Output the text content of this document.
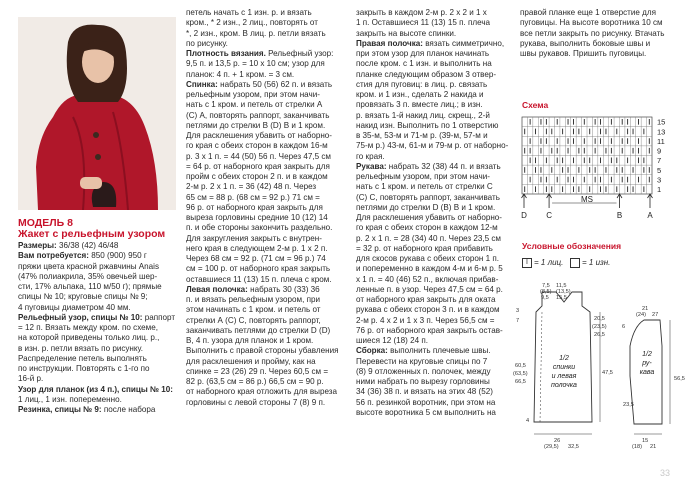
МОДЕЛЬ 8
Жакет с рельефным узором
Размеры: 36/38 (42) 46/48
Вам потребуется: 850 (900) 950 г
пряжи цвета красной ржавчины Anais
(47% полиакрила, 35% овечьей шер-
сти, 17% альпака, 110 м/50 г); прямые
спицы № 10; круговые спицы № 9;
4 пуговицы диаметром 40 мм.
Рельефный узор, спицы № 10: раппорт
= 12 п. Вязать между кром. по схеме,
на которой приведены только лиц. р.,
в изн. р. петли вязать по рисунку.
Распределение петель выполнять
по инструкции. Повторять с 1-го по
16-й р.
Узор для планок (из 4 п.), спицы № 10:
1 лиц., 1 изн. попеременно.
Резинка, спицы № 9: после набора
петель начать с 1 изн. р. и вязать
кром., * 2 изн., 2 лиц., повторять от
*, 2 изн., кром. В лиц. р. петли вязать
по рисунку.
Плотность вязания. Рельефный узор:
9,5 п. и 13,5 р. = 10 х 10 см; узор для
планок: 4 п. + 1 кром. = 3 см.
Спинка: набрать 50 (56) 62 п. и вязать
рельефным узором, при этом начи-
нать с 1 кром. и петель от стрелки А
(С) А, повторять раппорт, заканчивать
петлями до стрелки В (D) В и 1 кром.
Для расклешения убавить от наборно-
го края с обеих сторон в каждом 16-м
р. 3 х 1 п. = 44 (50) 56 п. Через 47,5 см
= 64 р. от наборного края закрыть для
пройм с обеих сторон 2 п. и в каждом
2-м р. 2 х 1 п. = 36 (42) 48 п. Через
65 см = 88 р. (68 см = 92 р.) 71 см =
96 р. от наборного края закрыть для
выреза горловины средние 10 (12) 14
п. и обе стороны закончить раздельно.
Для закругления закрыть с внутрен-
него края в следующем 2-м р. 1 х 2 п.
Через 68 см = 92 р. (71 см = 96 р.) 74
см = 100 р. от наборного края закрыть
оставшиеся 11 (13) 15 п. плеча с кром.
Левая полочка: набрать 30 (33) 36
п. и вязать рельефным узором, при
этом начинать с 1 кром. и петель от
стрелки А (С) С, повторять раппорт,
заканчивать петлями до стрелки D (D)
В, 4 п. узора для планок и 1 кром.
Выполнить с правой стороны убавления
для расклешения и пройму, как на
спинке = 23 (26) 29 п. Через 60,5 см =
82 р. (63,5 см = 86 р.) 66,5 см = 90 р.
от наборного края отложить для выреза
горловины с левой стороны 7 (8) 9 п.
закрыть в каждом 2-м р. 2 х 2 и 1 х
1 п. Оставшиеся 11 (13) 15 п. плеча
закрыть на высоте спинки.
Правая полочка: вязать симметрично,
при этом узор для планок начинать
после кром. с 1 изн. и выполнить на
планке следующим образом 3 отвер-
стия для пуговиц: в лиц. р. связать
кром. и 1 изн., сделать 2 накида и
провязать 3 п. вместе лиц.; в изн.
р. вязать 1-й накид лиц. скрещ., 2-й
накид изн. Выполнить по 1 отверстию
в 35-м, 53-м и 71-м р. (39-м, 57-м и
75-м р.) 43-м, 61-м и 79-м р. от наборно-
го края.
Рукава: набрать 32 (38) 44 п. и вязать
рельефным узором, при этом начи-
нать с 1 кром. и петель от стрелки С
(С) С, повторять раппорт, заканчивать
петлями до стрелки D (В) В и 1 кром.
Для расклешения убавить от наборно-
го края с обеих сторон в каждом 12-м
р. 2 х 1 п. = 28 (34) 40 п. Через 23,5 см
= 32 р. от наборного края прибавить
для скосов рукава с обеих сторон 1 п.
и попеременно в каждом 4-м и 6-м р. 5
х 1 п. = 40 (46) 52 п., включая прибав-
ленные п. в узор. Через 47,5 см = 64 р.
от наборного края закрыть для оката
рукава с обеих сторон 3 п. и в каждом
2-м р. 4 х 2 и 1 х 3 п. Через 56,5 см =
76 р. от наборного края закрыть остав-
шиеся 12 (18) 24 п.
Сборка: выполнить плечевые швы.
Перевести на круговые спицы по 7
(8) 9 отложенных п. полочек, между
ними набрать по вырезу горловины
34 (36) 38 п. и вязать на этих 48 (52)
56 п. резинкой воротник, при этом на
высоте воротника 5 см выполнить на
правой планке еще 1 отверстие для
пуговицы. На высоте воротника 10 см
все петли закрыть по рисунку. Втачать
рукава, выполнить боковые швы и
швы рукавов. Пришить пуговицы.
Схема
15
13
11
9
7
5
3
1
D C
MS
B	A
Условные обозначения
I = 1 лиц. = 1 изн.
7,5 11,5
(8,5) (13,5)
9,5 15,5
3
7	20,5
(23,5)
26,5
47,5
60,5
(63,5)
66,5
4
26
(29,5) 32,5
1/2
спинки
и левая
полочка
21
(24) 27
6
56,5
23,5
15
(18) 21
1/2
ру-
кава
33
